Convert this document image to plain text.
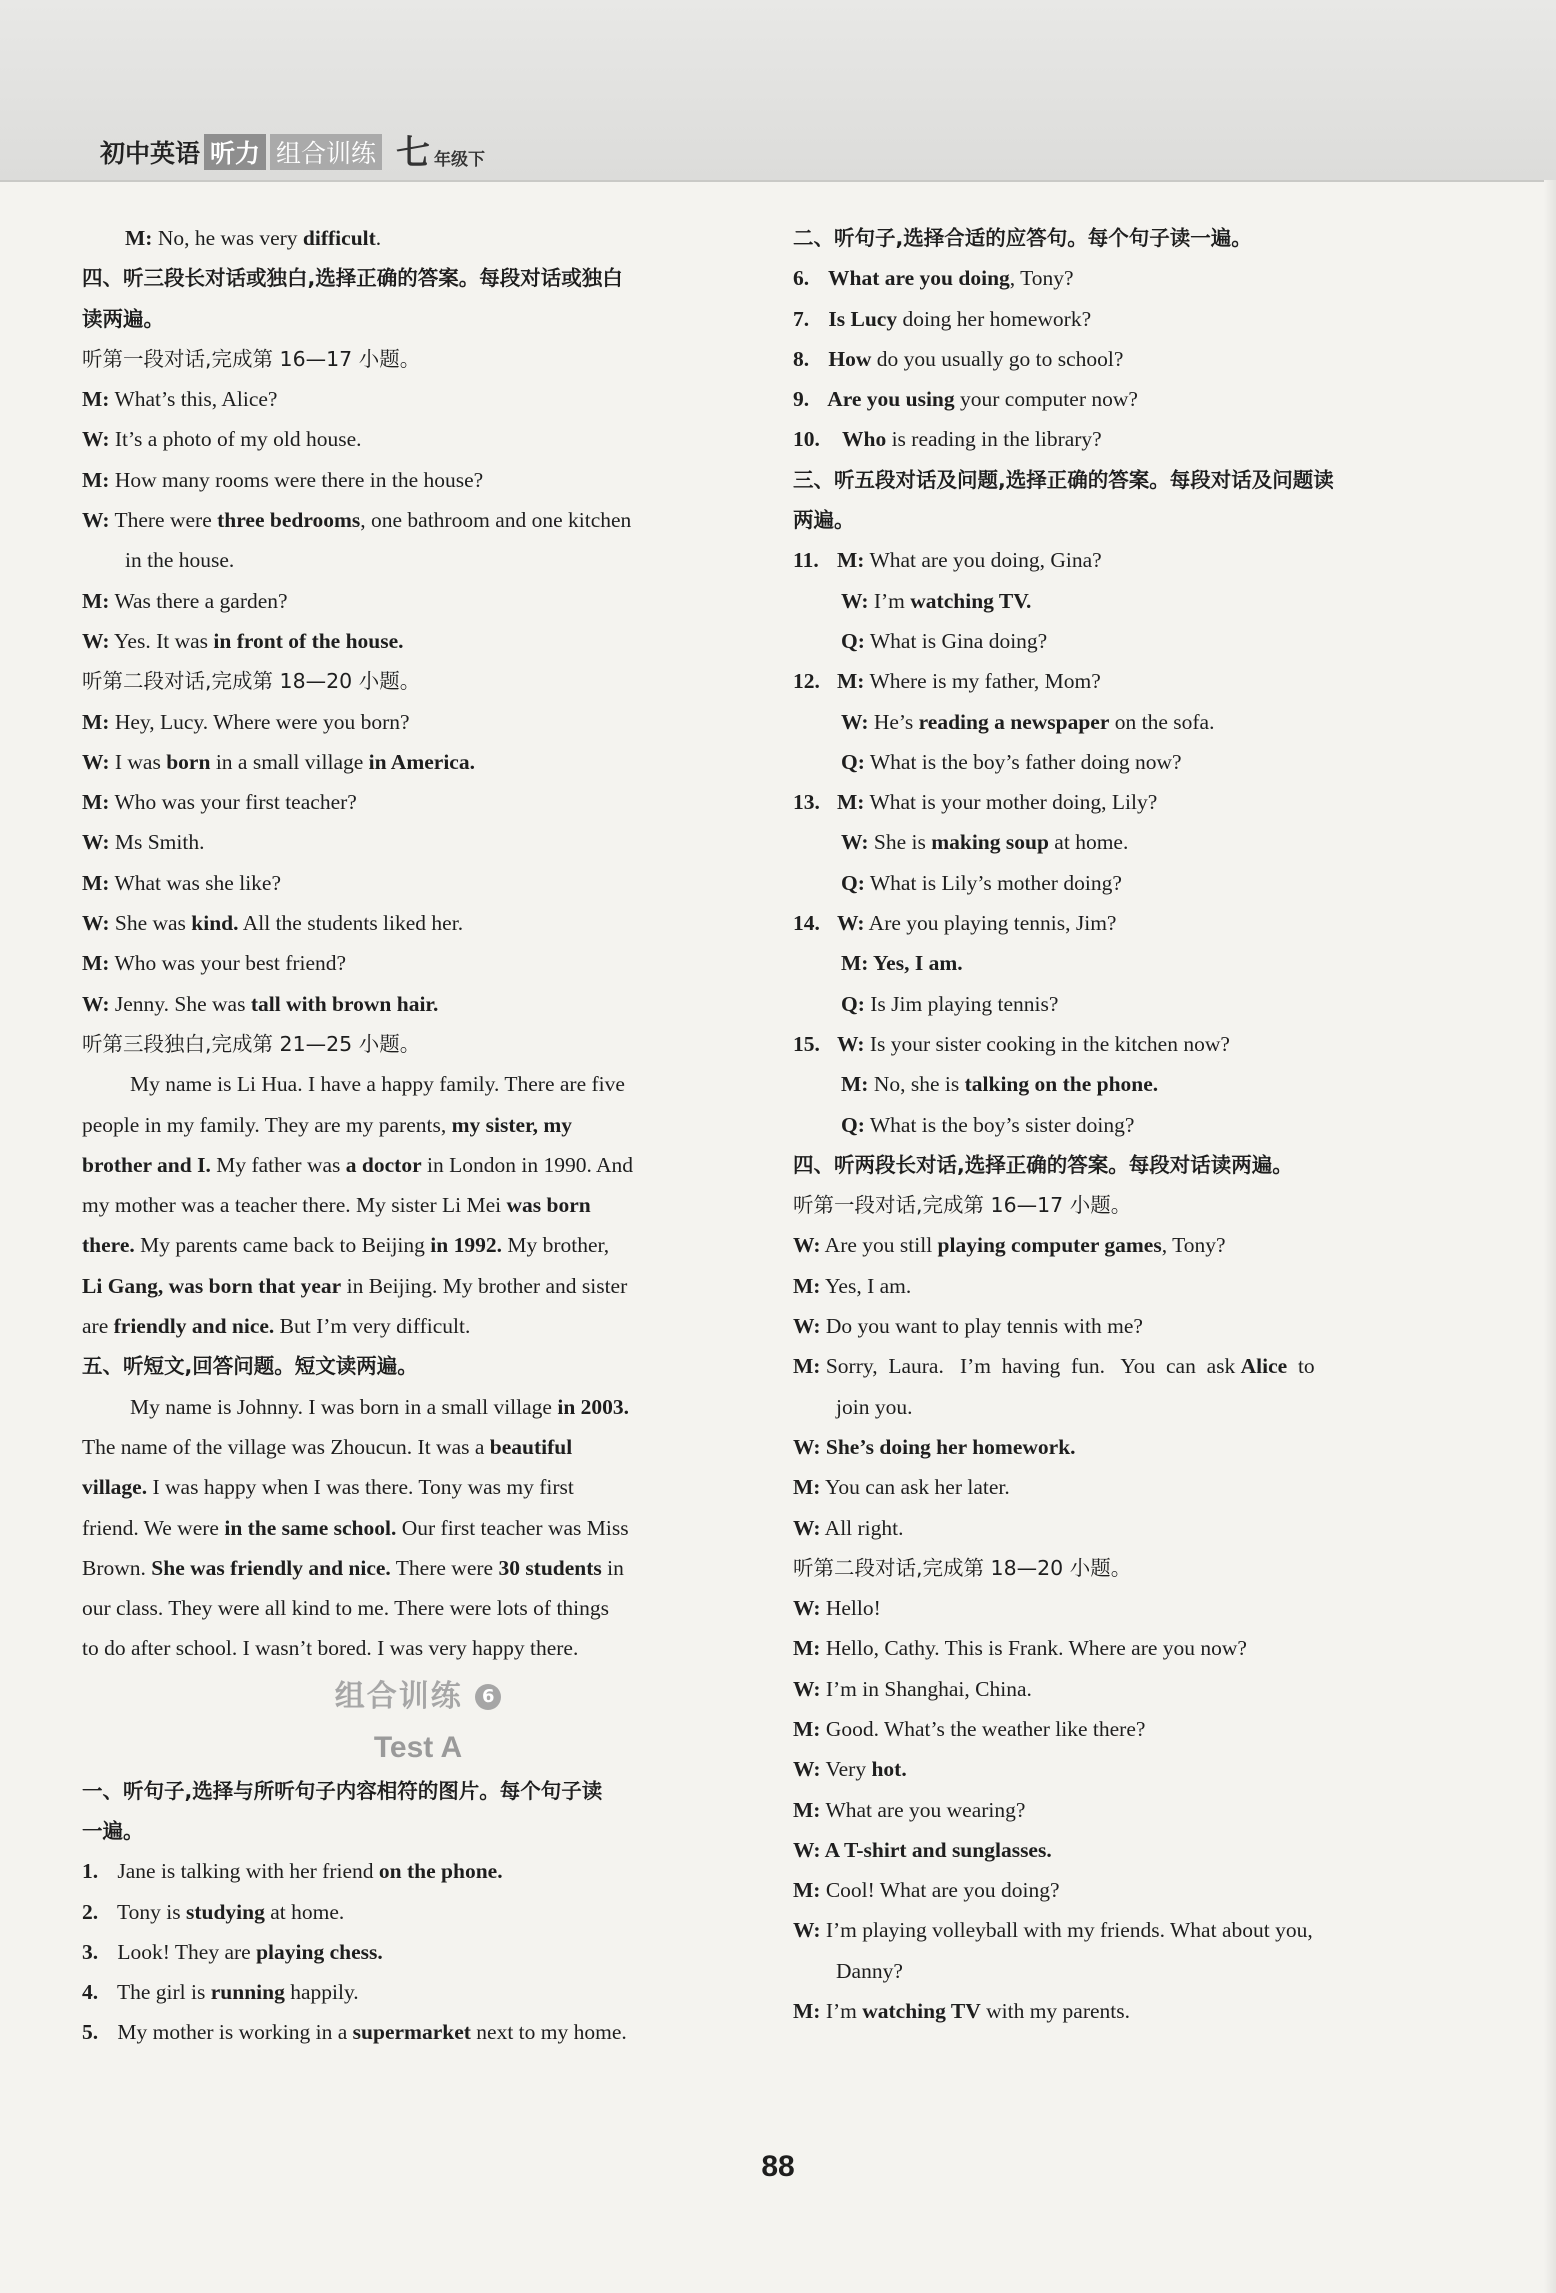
初中英语 听力 组合训练 七 年级下
M: No, he was very difficult.
四、听三段长对话或独白,选择正确的答案。每段对话或独白
读两遍。
听第一段对话,完成第 16—17 小题。
M: What’s this, Alice?
W: It’s a photo of my old house.
M: How many rooms were there in the house?
W: There were three bedrooms, one bathroom and one kitchen
in the house.
M: Was there a garden?
W: Yes. It was in front of the house.
听第二段对话,完成第 18—20 小题。
M: Hey, Lucy. Where were you born?
W: I was born in a small village in America.
M: Who was your first teacher?
W: Ms Smith.
M: What was she like?
W: She was kind. All the students liked her.
M: Who was your best friend?
W: Jenny. She was tall with brown hair.
听第三段独白,完成第 21—25 小题。
My name is Li Hua. I have a happy family. There are five
people in my family. They are my parents, my sister, my
brother and I. My father was a doctor in London in 1990. And
my mother was a teacher there. My sister Li Mei was born
there. My parents came back to Beijing in 1992. My brother,
Li Gang, was born that year in Beijing. My brother and sister
are friendly and nice. But I’m very difficult.
五、听短文,回答问题。短文读两遍。
My name is Johnny. I was born in a small village in 2003.
The name of the village was Zhoucun. It was a beautiful
village. I was happy when I was there. Tony was my first
friend. We were in the same school. Our first teacher was Miss
Brown. She was friendly and nice. There were 30 students in
our class. They were all kind to me. There were lots of things
to do after school. I wasn’t bored. I was very happy there.
组合训练 6
Test A
一、听句子,选择与所听句子内容相符的图片。每个句子读
一遍。
1. Jane is talking with her friend on the phone.
2. Tony is studying at home.
3. Look! They are playing chess.
4. The girl is running happily.
5. My mother is working in a supermarket next to my home.
二、听句子,选择合适的应答句。每个句子读一遍。
6. What are you doing, Tony?
7. Is Lucy doing her homework?
8. How do you usually go to school?
9. Are you using your computer now?
10. Who is reading in the library?
三、听五段对话及问题,选择正确的答案。每段对话及问题读
两遍。
11. M: What are you doing, Gina?
W: I’m watching TV.
Q: What is Gina doing?
12. M: Where is my father, Mom?
W: He’s reading a newspaper on the sofa.
Q: What is the boy’s father doing now?
13. M: What is your mother doing, Lily?
W: She is making soup at home.
Q: What is Lily’s mother doing?
14. W: Are you playing tennis, Jim?
M: Yes, I am.
Q: Is Jim playing tennis?
15. W: Is your sister cooking in the kitchen now?
M: No, she is talking on the phone.
Q: What is the boy’s sister doing?
四、听两段长对话,选择正确的答案。每段对话读两遍。
听第一段对话,完成第 16—17 小题。
W: Are you still playing computer games, Tony?
M: Yes, I am.
W: Do you want to play tennis with me?
M: Sorry,  Laura.   I’m  having  fun.   You  can  ask Alice  to
join you.
W: She’s doing her homework.
M: You can ask her later.
W: All right.
听第二段对话,完成第 18—20 小题。
W: Hello!
M: Hello, Cathy. This is Frank. Where are you now?
W: I’m in Shanghai, China.
M: Good. What’s the weather like there?
W: Very hot.
M: What are you wearing?
W: A T-shirt and sunglasses.
M: Cool! What are you doing?
W: I’m playing volleyball with my friends. What about you,
Danny?
M: I’m watching TV with my parents.
88
